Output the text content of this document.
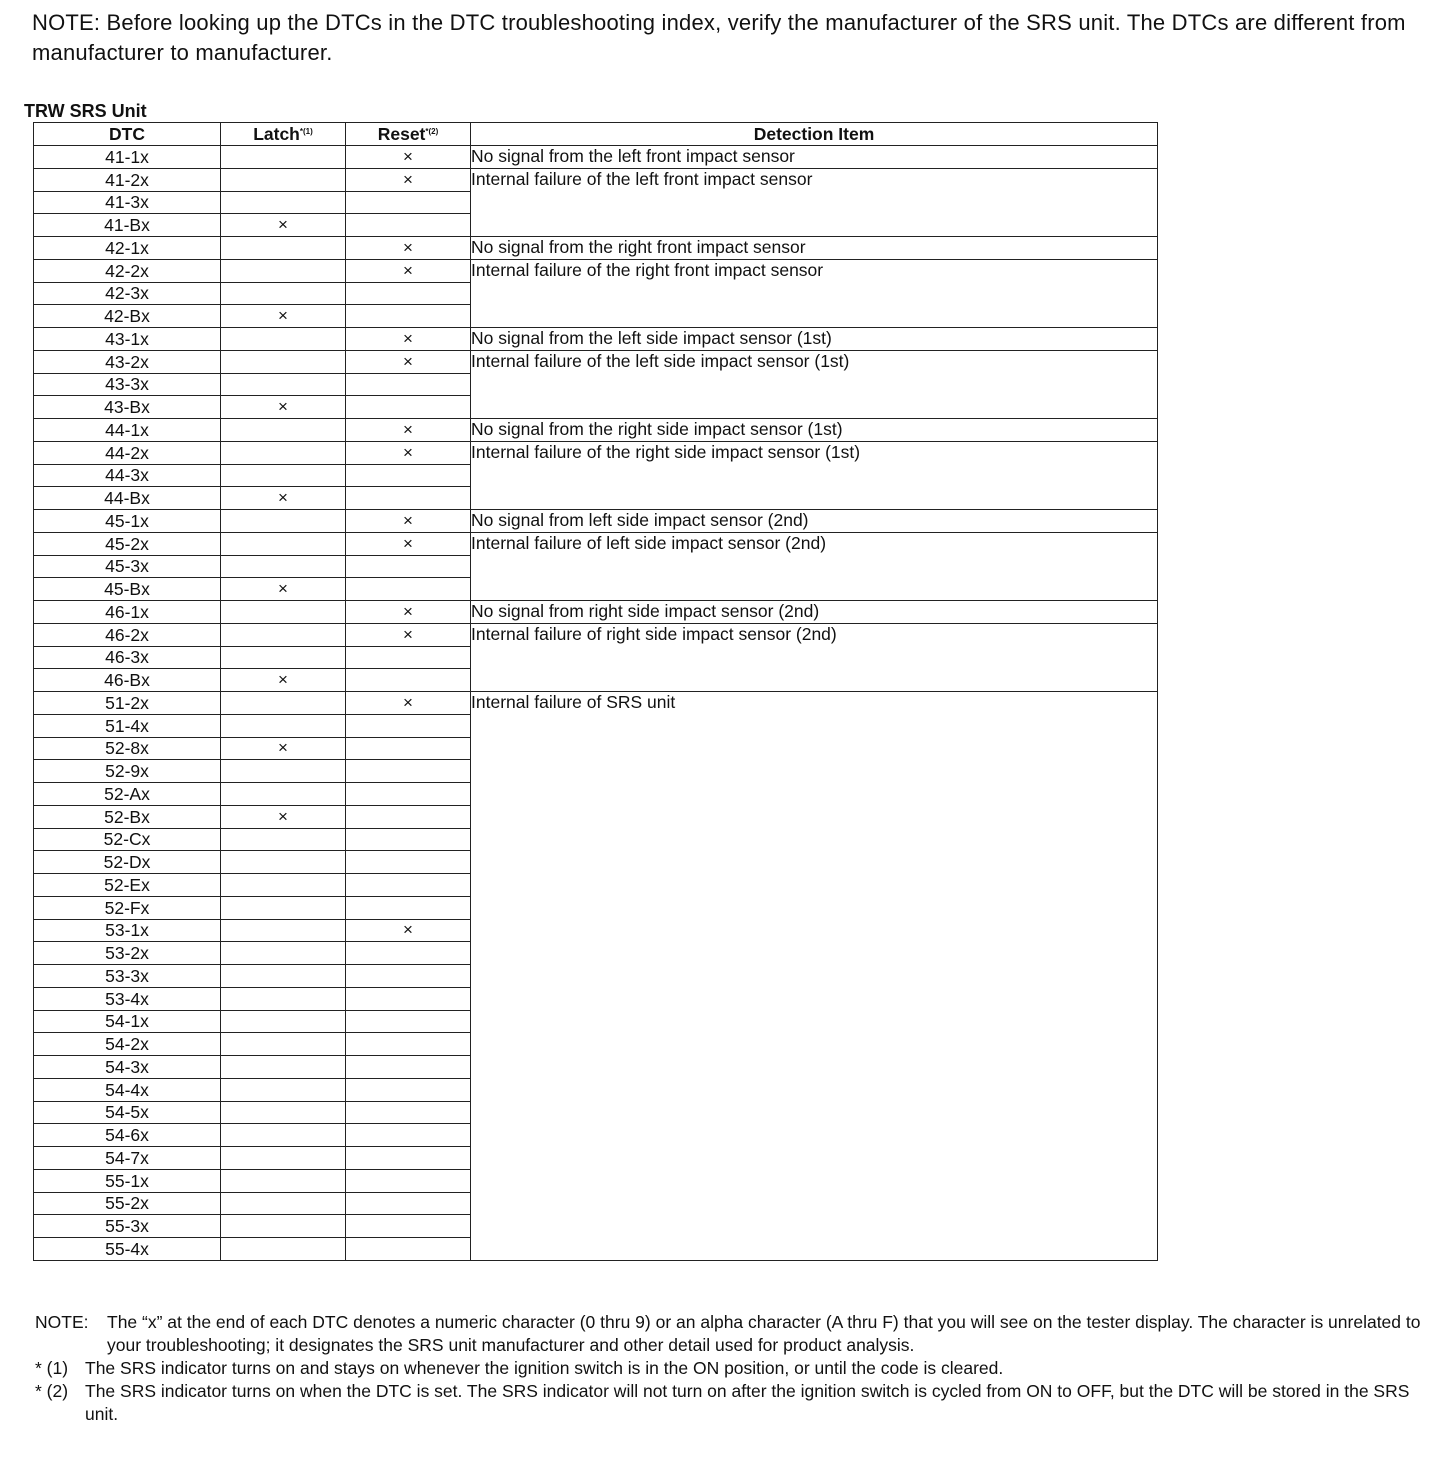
NOTE: Before looking up the DTCs in the DTC troubleshooting index, verify the manufacturer of the SRS unit. The DTCs are different from manufacturer to manufacturer.
TRW SRS Unit
DTC	Latch$^{*(1)}$	Reset$^{*(2)}$	Detection Item
41-1x		×	No signal from the left front impact sensor
41-2x		×	Internal failure of the left front impact sensor
41-3x			
41-Bx	×		
42-1x		×	No signal from the right front impact sensor
42-2x		×	Internal failure of the right front impact sensor
42-3x			
42-Bx	×		
43-1x		×	No signal from the left side impact sensor (1st)
43-2x		×	Internal failure of the left side impact sensor (1st)
43-3x			
43-Bx	×		
44-1x		×	No signal from the right side impact sensor (1st)
44-2x		×	Internal failure of the right side impact sensor (1st)
44-3x			
44-Bx	×		
45-1x		×	No signal from left side impact sensor (2nd)
45-2x		×	Internal failure of left side impact sensor (2nd)
45-3x			
45-Bx	×		
46-1x		×	No signal from right side impact sensor (2nd)
46-2x		×	Internal failure of right side impact sensor (2nd)
46-3x			
46-Bx	×		
51-2x		×	Internal failure of SRS unit
51-4x			
52-8x	×		
52-9x			
52-Ax			
52-Bx	×		
52-Cx			
52-Dx			
52-Ex			
52-Fx			
53-1x		×	
53-2x			
53-3x			
53-4x			
54-1x			
54-2x			
54-3x			
54-4x			
54-5x			
54-6x			
54-7x			
55-1x			
55-2x			
55-3x			
55-4x			
NOTE:	The “x” at the end of each DTC denotes a numeric character (0 thru 9) or an alpha character (A thru F) that you will see on the tester display. The character is unrelated to your troubleshooting; it designates the SRS unit manufacturer and other detail used for product analysis.
* (1) The SRS indicator turns on and stays on whenever the ignition switch is in the ON position, or until the code is cleared.
* (2) The SRS indicator turns on when the DTC is set. The SRS indicator will not turn on after the ignition switch is cycled from ON to OFF, but the DTC will be stored in the SRS unit.
